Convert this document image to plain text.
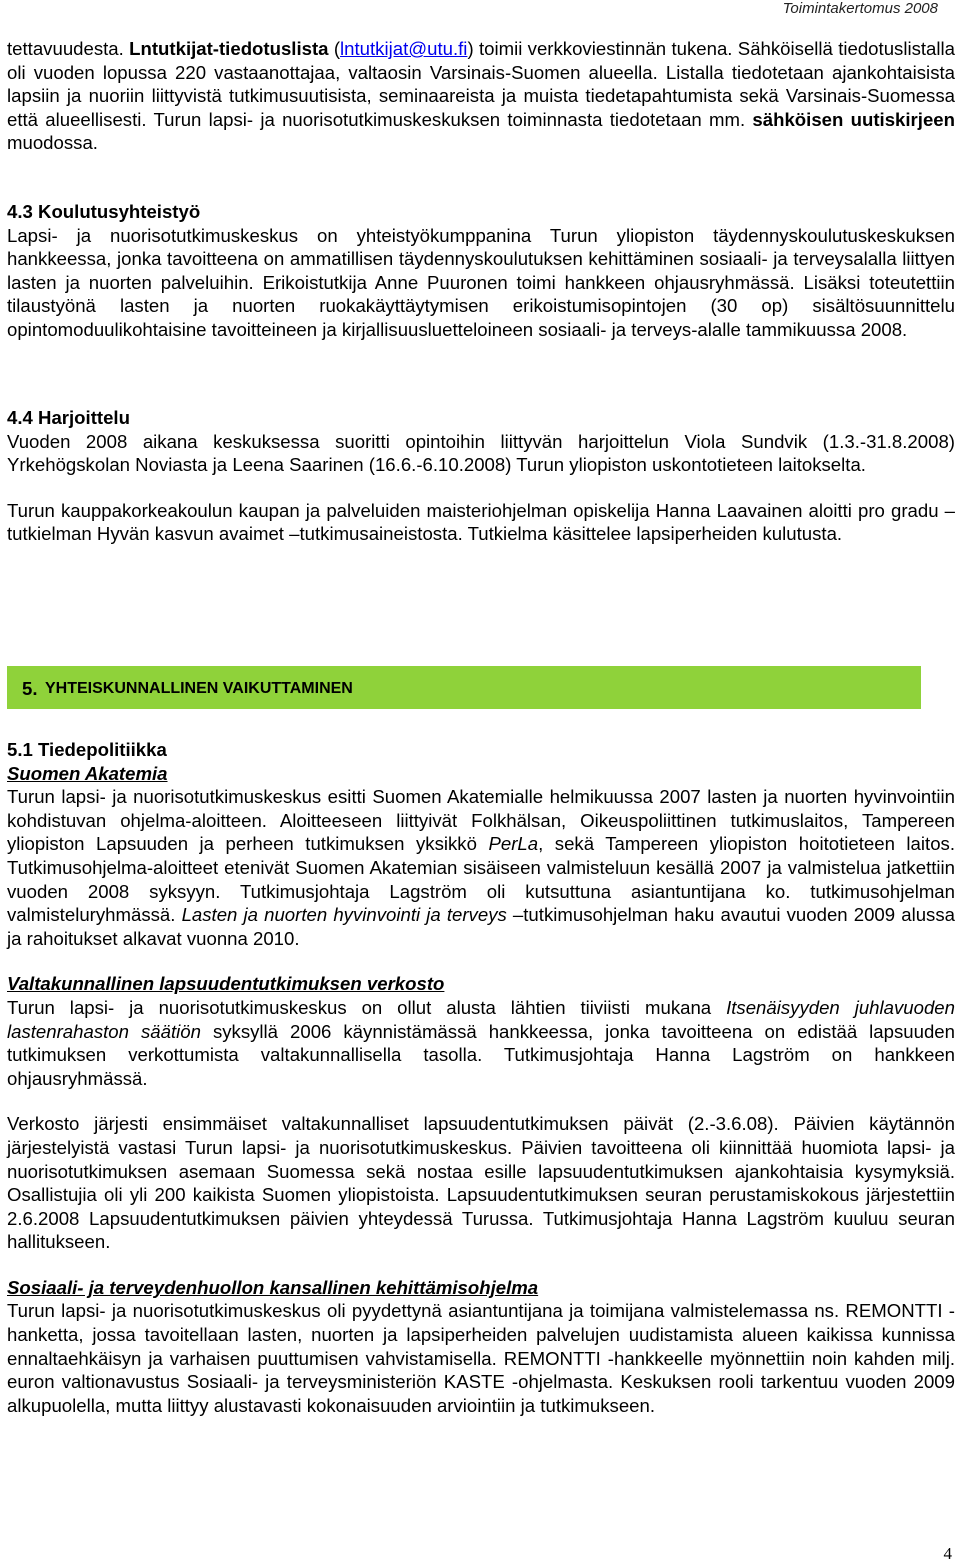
Toimintakertomus 2008

tettavuudesta. Lntutkijat-tiedotuslista (lntutkijat@utu.fi) toimii verkkoviestinnän tukena. Sähköisellä tiedotuslistalla oli vuoden lopussa 220 vastaanottajaa, valtaosin Varsinais-Suomen alueella. Listalla tiedotetaan ajankohtaisista lapsiin ja nuoriin liittyvistä tutkimusuutisista, seminaareista ja muista tiedetapahtumista sekä Varsinais-Suomessa että alueellisesti. Turun lapsi- ja nuorisotutkimuskeskuksen toiminnasta tiedotetaan mm. sähköisen uutiskirjeen muodossa.

4.3 Koulutusyhteistyö

Lapsi- ja nuorisotutkimuskeskus on yhteistyökumppanina Turun yliopiston täydennyskoulutuskeskuksen hankkeessa, jonka tavoitteena on ammatillisen täydennyskoulutuksen kehittäminen sosiaali- ja terveysalalla liittyen lasten ja nuorten palveluihin. Erikoistutkija Anne Puuronen toimi hankkeen ohjausryhmässä. Lisäksi toteutettiin tilaustyönä lasten ja nuorten ruokakäyttäytymisen erikoistumisopintojen (30 op) sisältösuunnittelu opintomoduulikohtaisine tavoitteineen ja kirjallisuusluetteloineen sosiaali- ja terveys-alalle tammikuussa 2008.

4.4 Harjoittelu

Vuoden 2008 aikana keskuksessa suoritti opintoihin liittyvän harjoittelun Viola Sundvik (1.3.-31.8.2008) Yrkehögskolan Noviasta ja Leena Saarinen (16.6.-6.10.2008) Turun yliopiston uskontotieteen laitokselta.

Turun kauppakorkeakoulun kaupan ja palveluiden maisteriohjelman opiskelija Hanna Laavainen aloitti pro gradu –tutkielman Hyvän kasvun avaimet –tutkimusaineistosta. Tutkielma käsittelee lapsiperheiden kulutusta.

5. YHTEISKUNNALLINEN VAIKUTTAMINEN

5.1 Tiedepolitiikka

Suomen Akatemia

Turun lapsi- ja nuorisotutkimuskeskus esitti Suomen Akatemialle helmikuussa 2007 lasten ja nuorten hyvinvointiin kohdistuvan ohjelma-aloitteen. Aloitteeseen liittyivät Folkhälsan, Oikeuspoliittinen tutkimuslaitos, Tampereen yliopiston Lapsuuden ja perheen tutkimuksen yksikkö PerLa, sekä Tampereen yliopiston hoitotieteen laitos. Tutkimusohjelma-aloitteet etenivät Suomen Akatemian sisäiseen valmisteluun kesällä 2007 ja valmistelua jatkettiin vuoden 2008 syksyyn. Tutkimusjohtaja Lagström oli kutsuttuna asiantuntijana ko. tutkimusohjelman valmisteluryhmässä. Lasten ja nuorten hyvinvointi ja terveys –tutkimusohjelman haku avautui vuoden 2009 alussa ja rahoitukset alkavat vuonna 2010.

Valtakunnallinen lapsuudentutkimuksen verkosto

Turun lapsi- ja nuorisotutkimuskeskus on ollut alusta lähtien tiiviisti mukana Itsenäisyyden juhlavuoden lastenrahaston säätiön syksyllä 2006 käynnistämässä hankkeessa, jonka tavoitteena on edistää lapsuuden tutkimuksen verkottumista valtakunnallisella tasolla. Tutkimusjohtaja Hanna Lagström on hankkeen ohjausryhmässä.

Verkosto järjesti ensimmäiset valtakunnalliset lapsuudentutkimuksen päivät (2.-3.6.08). Päivien käytännön järjestelyistä vastasi Turun lapsi- ja nuorisotutkimuskeskus. Päivien tavoitteena oli kiinnittää huomiota lapsi- ja nuorisotutkimuksen asemaan Suomessa sekä nostaa esille lapsuudentutkimuksen ajankohtaisia kysymyksiä. Osallistujia oli yli 200 kaikista Suomen yliopistoista. Lapsuudentutkimuksen seuran perustamiskokous järjestettiin 2.6.2008 Lapsuudentutkimuksen päivien yhteydessä Turussa. Tutkimusjohtaja Hanna Lagström kuuluu seuran hallitukseen.

Sosiaali- ja terveydenhuollon kansallinen kehittämisohjelma

Turun lapsi- ja nuorisotutkimuskeskus oli pyydettynä asiantuntijana ja toimijana valmistelemassa ns. REMONTTI -hanketta, jossa tavoitellaan lasten, nuorten ja lapsiperheiden palvelujen uudistamista alueen kaikissa kunnissa ennaltaehkäisyn ja varhaisen puuttumisen vahvistamisella. REMONTTI -hankkeelle myönnettiin noin kahden milj. euron valtionavustus Sosiaali- ja terveysministeriön KASTE -ohjelmasta. Keskuksen rooli tarkentuu vuoden 2009 alkupuolella, mutta liittyy alustavasti kokonaisuuden arviointiin ja tutkimukseen.

4
